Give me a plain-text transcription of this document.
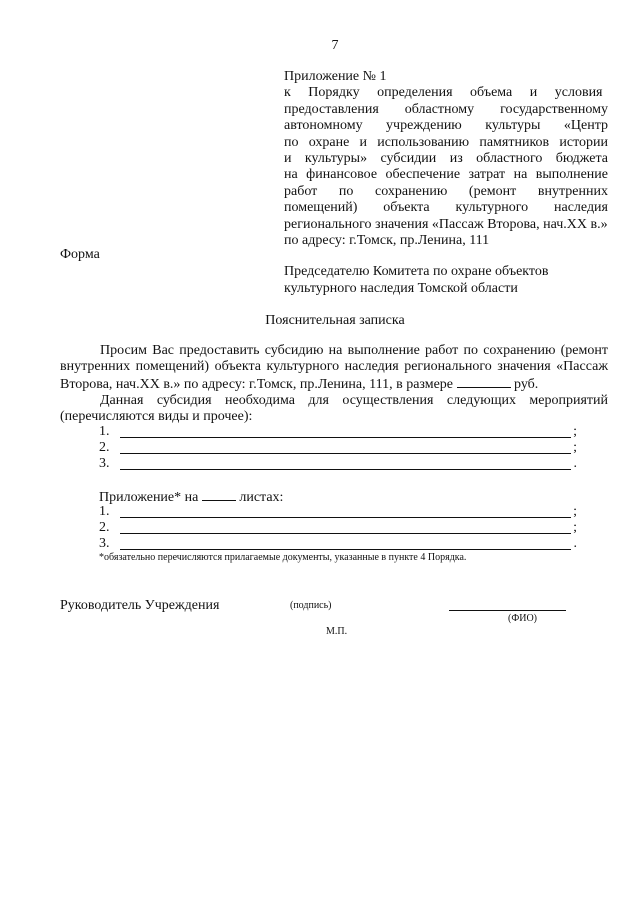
7
Приложение № 1
к     Порядку     определения     объема     и     условия
предоставления областному государственному
автономному учреждению культуры «Центр
по охране и использованию памятников истории
и культуры» субсидии из областного бюджета
на финансовое обеспечение затрат на выполнение
работ по сохранению (ремонт внутренних
помещений) объекта культурного наследия
регионального значения «Пассаж Второва, нач.XX в.»
по адресу: г.Томск, пр.Ленина, 111
Форма
Председателю Комитета по охране объектов
культурного наследия Томской области
Пояснительная записка
Просим Вас предоставить субсидию на выполнение работ по сохранению (ремонт
внутренних помещений) объекта культурного наследия регионального значения «Пассаж
Второва, нач.XX в.» по адресу: г.Томск, пр.Ленина, 111, в размере	руб.
Данная субсидия необходима для осуществления следующих мероприятий
(перечисляются виды и прочее):
1.	;
2.	;
3.	.
Приложение* на  листах:
1.	;
2.	;
3.	.
*обязательно перечисляются прилагаемые документы, указанные в пункте 4 Порядка.
Руководитель Учреждения	(подпись)
(ФИО)
М.П.
